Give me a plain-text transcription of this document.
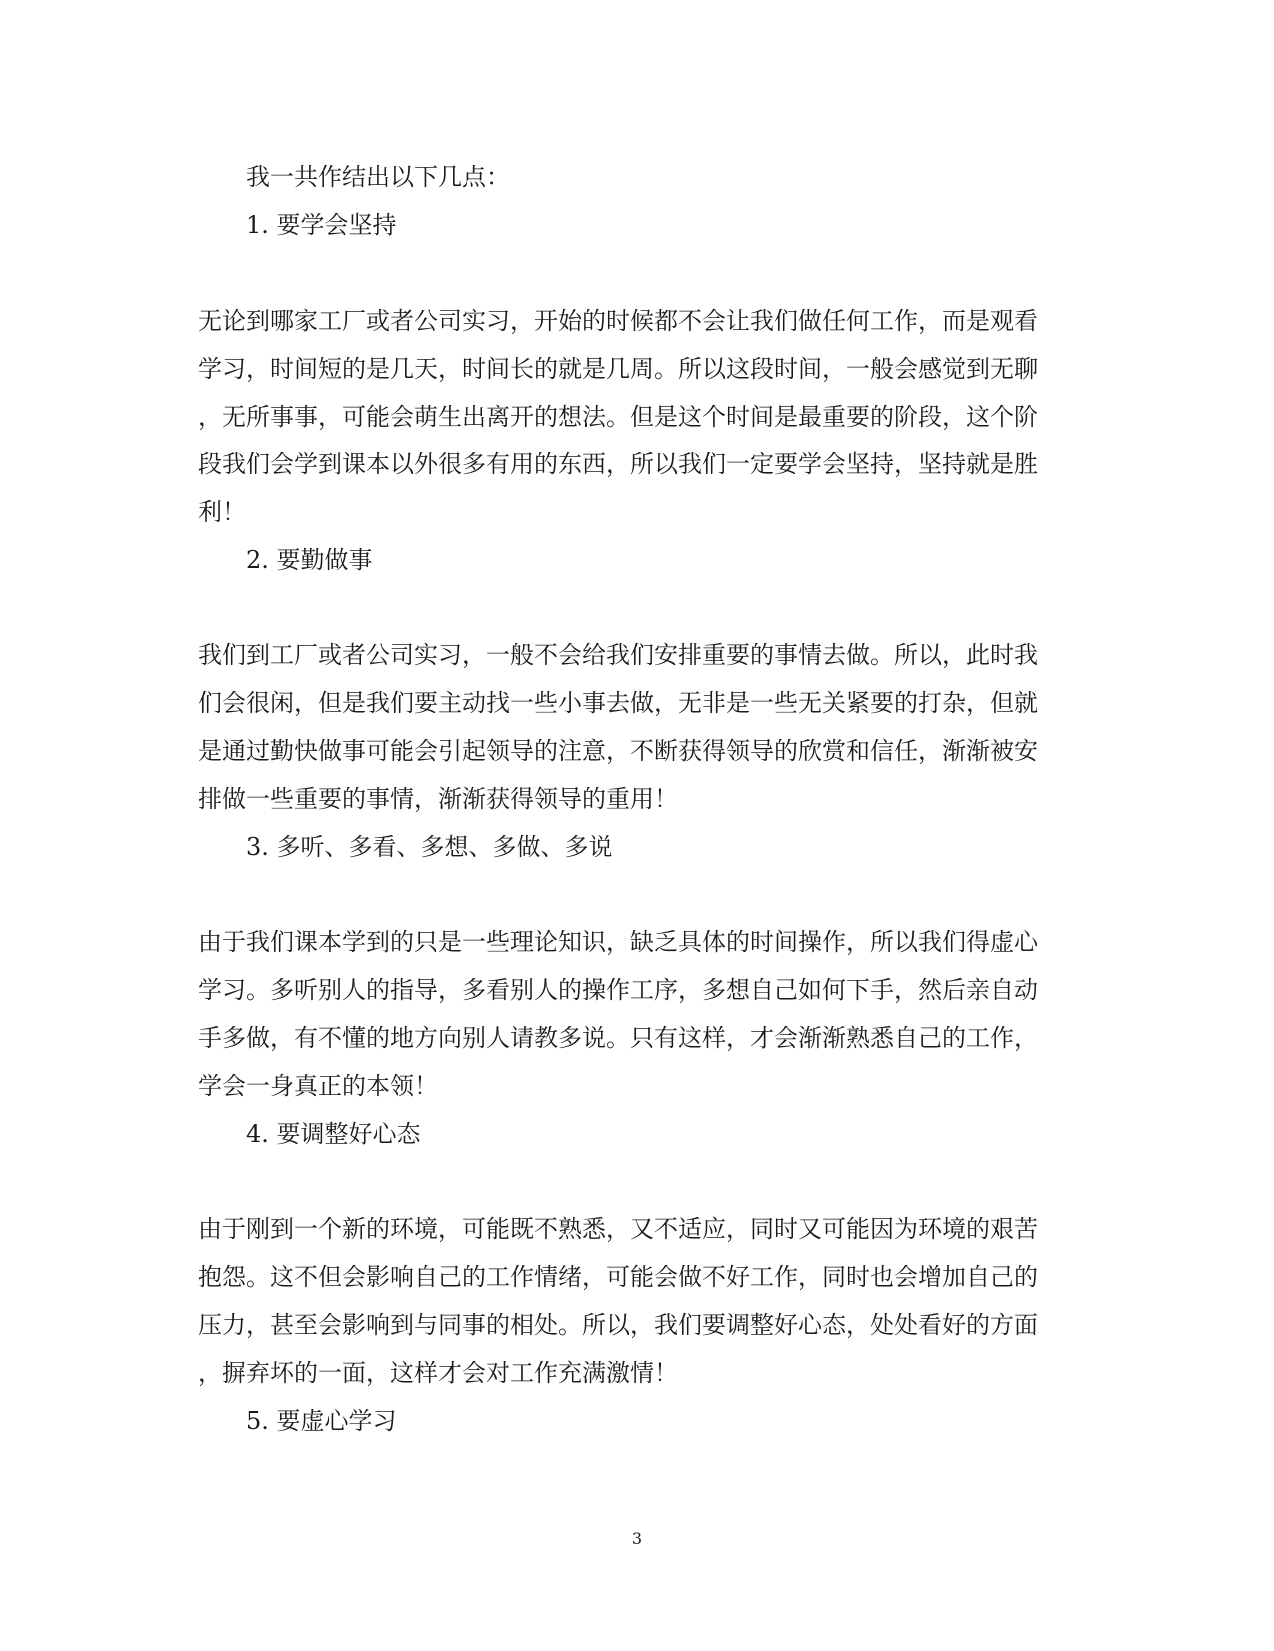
我一共作结出以下几点：
1. 要学会坚持
无论到哪家工厂或者公司实习，开始的时候都不会让我们做任何工作，而是观看
学习，时间短的是几天，时间长的就是几周。所以这段时间，一般会感觉到无聊
，无所事事，可能会萌生出离开的想法。但是这个时间是最重要的阶段，这个阶
段我们会学到课本以外很多有用的东西，所以我们一定要学会坚持，坚持就是胜
利！
2. 要勤做事
我们到工厂或者公司实习，一般不会给我们安排重要的事情去做。所以，此时我
们会很闲，但是我们要主动找一些小事去做，无非是一些无关紧要的打杂，但就
是通过勤快做事可能会引起领导的注意，不断获得领导的欣赏和信任，渐渐被安
排做一些重要的事情，渐渐获得领导的重用！
3. 多听、多看、多想、多做、多说
由于我们课本学到的只是一些理论知识，缺乏具体的时间操作，所以我们得虚心
学习。多听别人的指导，多看别人的操作工序，多想自己如何下手，然后亲自动
手多做，有不懂的地方向别人请教多说。只有这样，才会渐渐熟悉自己的工作，
学会一身真正的本领！
4. 要调整好心态
由于刚到一个新的环境，可能既不熟悉，又不适应，同时又可能因为环境的艰苦
抱怨。这不但会影响自己的工作情绪，可能会做不好工作，同时也会增加自己的
压力，甚至会影响到与同事的相处。所以，我们要调整好心态，处处看好的方面
，摒弃坏的一面，这样才会对工作充满激情！
5. 要虚心学习
3
